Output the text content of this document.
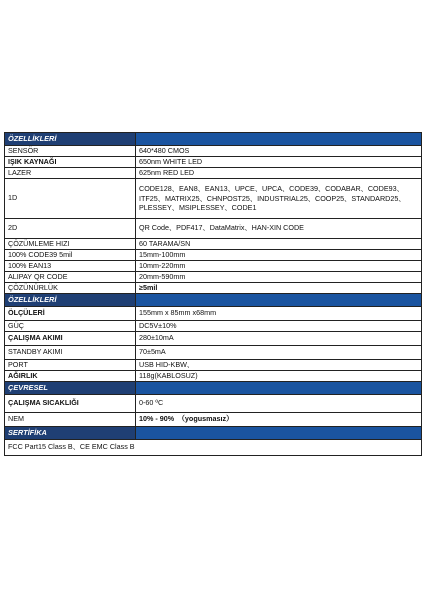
ÖZELLİKLERİ	
SENSÖR	640*480 CMOS
IŞIK KAYNAĞI	650nm WHITE LED
LAZER	625nm RED LED
1D	CODE128、EAN8、EAN13、UPCE、UPCA、CODE39、CODABAR、CODE93、ITF25、MATRIX25、CHNPOST25、INDUSTRIAL25、COOP25、STANDARD25、PLESSEY、MSIPLESSEY、CODE1
2D	QR Code、PDF417、DataMatrix、HAN-XIN CODE
ÇÖZÜMLEME HIZI	60 TARAMA/SN
100% CODE39 5mil	15mm-100mm
100% EAN13	10mm-220mm
ALIPAY QR CODE	20mm-590mm
ÇÖZÜNÜRLÜK	≥5mil
ÖZELLİKLERİ	
ÖLÇÜLERİ	155mm x 85mm x68mm
GÜÇ	DC5V±10%
ÇALIŞMA AKIMI	280±10mA
STANDBY AKIMI	70±5mA
PORT	USB HID-KBW、
AĞIRLIK	118g(KABLOSUZ)
ÇEVRESEL	
ÇALIŞMA SICAKLIĞI	0-60 ºC
NEM	10% - 90%　（yogusmasız）
SERTİFİKA	
FCC Part15 Class B、CE EMC Class B	
